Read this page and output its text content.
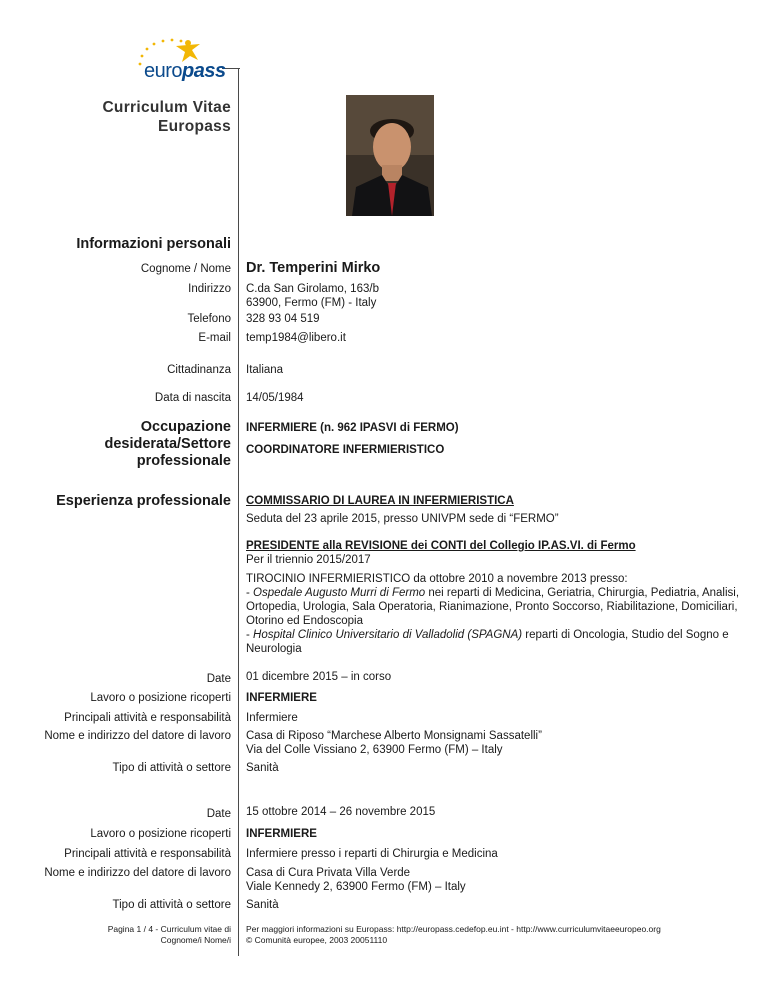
europass
Curriculum Vitae
Europass
Informazioni personali
Cognome / Nome Dr. Temperini Mirko
Indirizzo C.da San Girolamo, 163/b
63900, Fermo (FM) - Italy
Telefono 328 93 04 519
E-mail temp1984@libero.it
Cittadinanza Italiana
Data di nascita 14/05/1984
Occupazione
desiderata/Settore
professionale
INFERMIERE (n. 962 IPASVI di FERMO)
COORDINATORE INFERMIERISTICO
Esperienza professionale COMMISSARIO DI LAUREA IN INFERMIERISTICA
Seduta del 23 aprile 2015, presso UNIVPM sede di “FERMO”
PRESIDENTE alla REVISIONE dei CONTI del Collegio IP.AS.VI. di Fermo
Per il triennio 2015/2017
TIROCINIO INFERMIERISTICO da ottobre 2010 a novembre 2013 presso:
- Ospedale Augusto Murri di Fermo nei reparti di Medicina, Geriatria, Chirurgia, Pediatria, Analisi,
Ortopedia, Urologia, Sala Operatoria, Rianimazione, Pronto Soccorso, Riabilitazione, Domiciliari,
Otorino ed Endoscopia
- Hospital Clinico Universitario di Valladolid (SPAGNA) reparti di Oncologia, Studio del Sogno e
Neurologia
Date 01 dicembre 2015 – in corso
Lavoro o posizione ricoperti INFERMIERE
Principali attività e responsabilità Infermiere
Nome e indirizzo del datore di lavoro Casa di Riposo “Marchese Alberto Monsignami Sassatelli”
Via del Colle Vissiano 2, 63900 Fermo (FM) – Italy
Tipo di attività o settore Sanità
Date 15 ottobre 2014 – 26 novembre 2015
Lavoro o posizione ricoperti INFERMIERE
Principali attività e responsabilità Infermiere presso i reparti di Chirurgia e Medicina
Nome e indirizzo del datore di lavoro Casa di Cura Privata Villa Verde
Viale Kennedy 2, 63900 Fermo (FM) – Italy
Tipo di attività o settore Sanità
Pagina 1 / 4 - Curriculum vitae di
Cognome/i Nome/i
Per maggiori informazioni su Europass: http://europass.cedefop.eu.int - http://www.curriculumvitaeeuropeo.org
© Comunità europee, 2003 20051110
